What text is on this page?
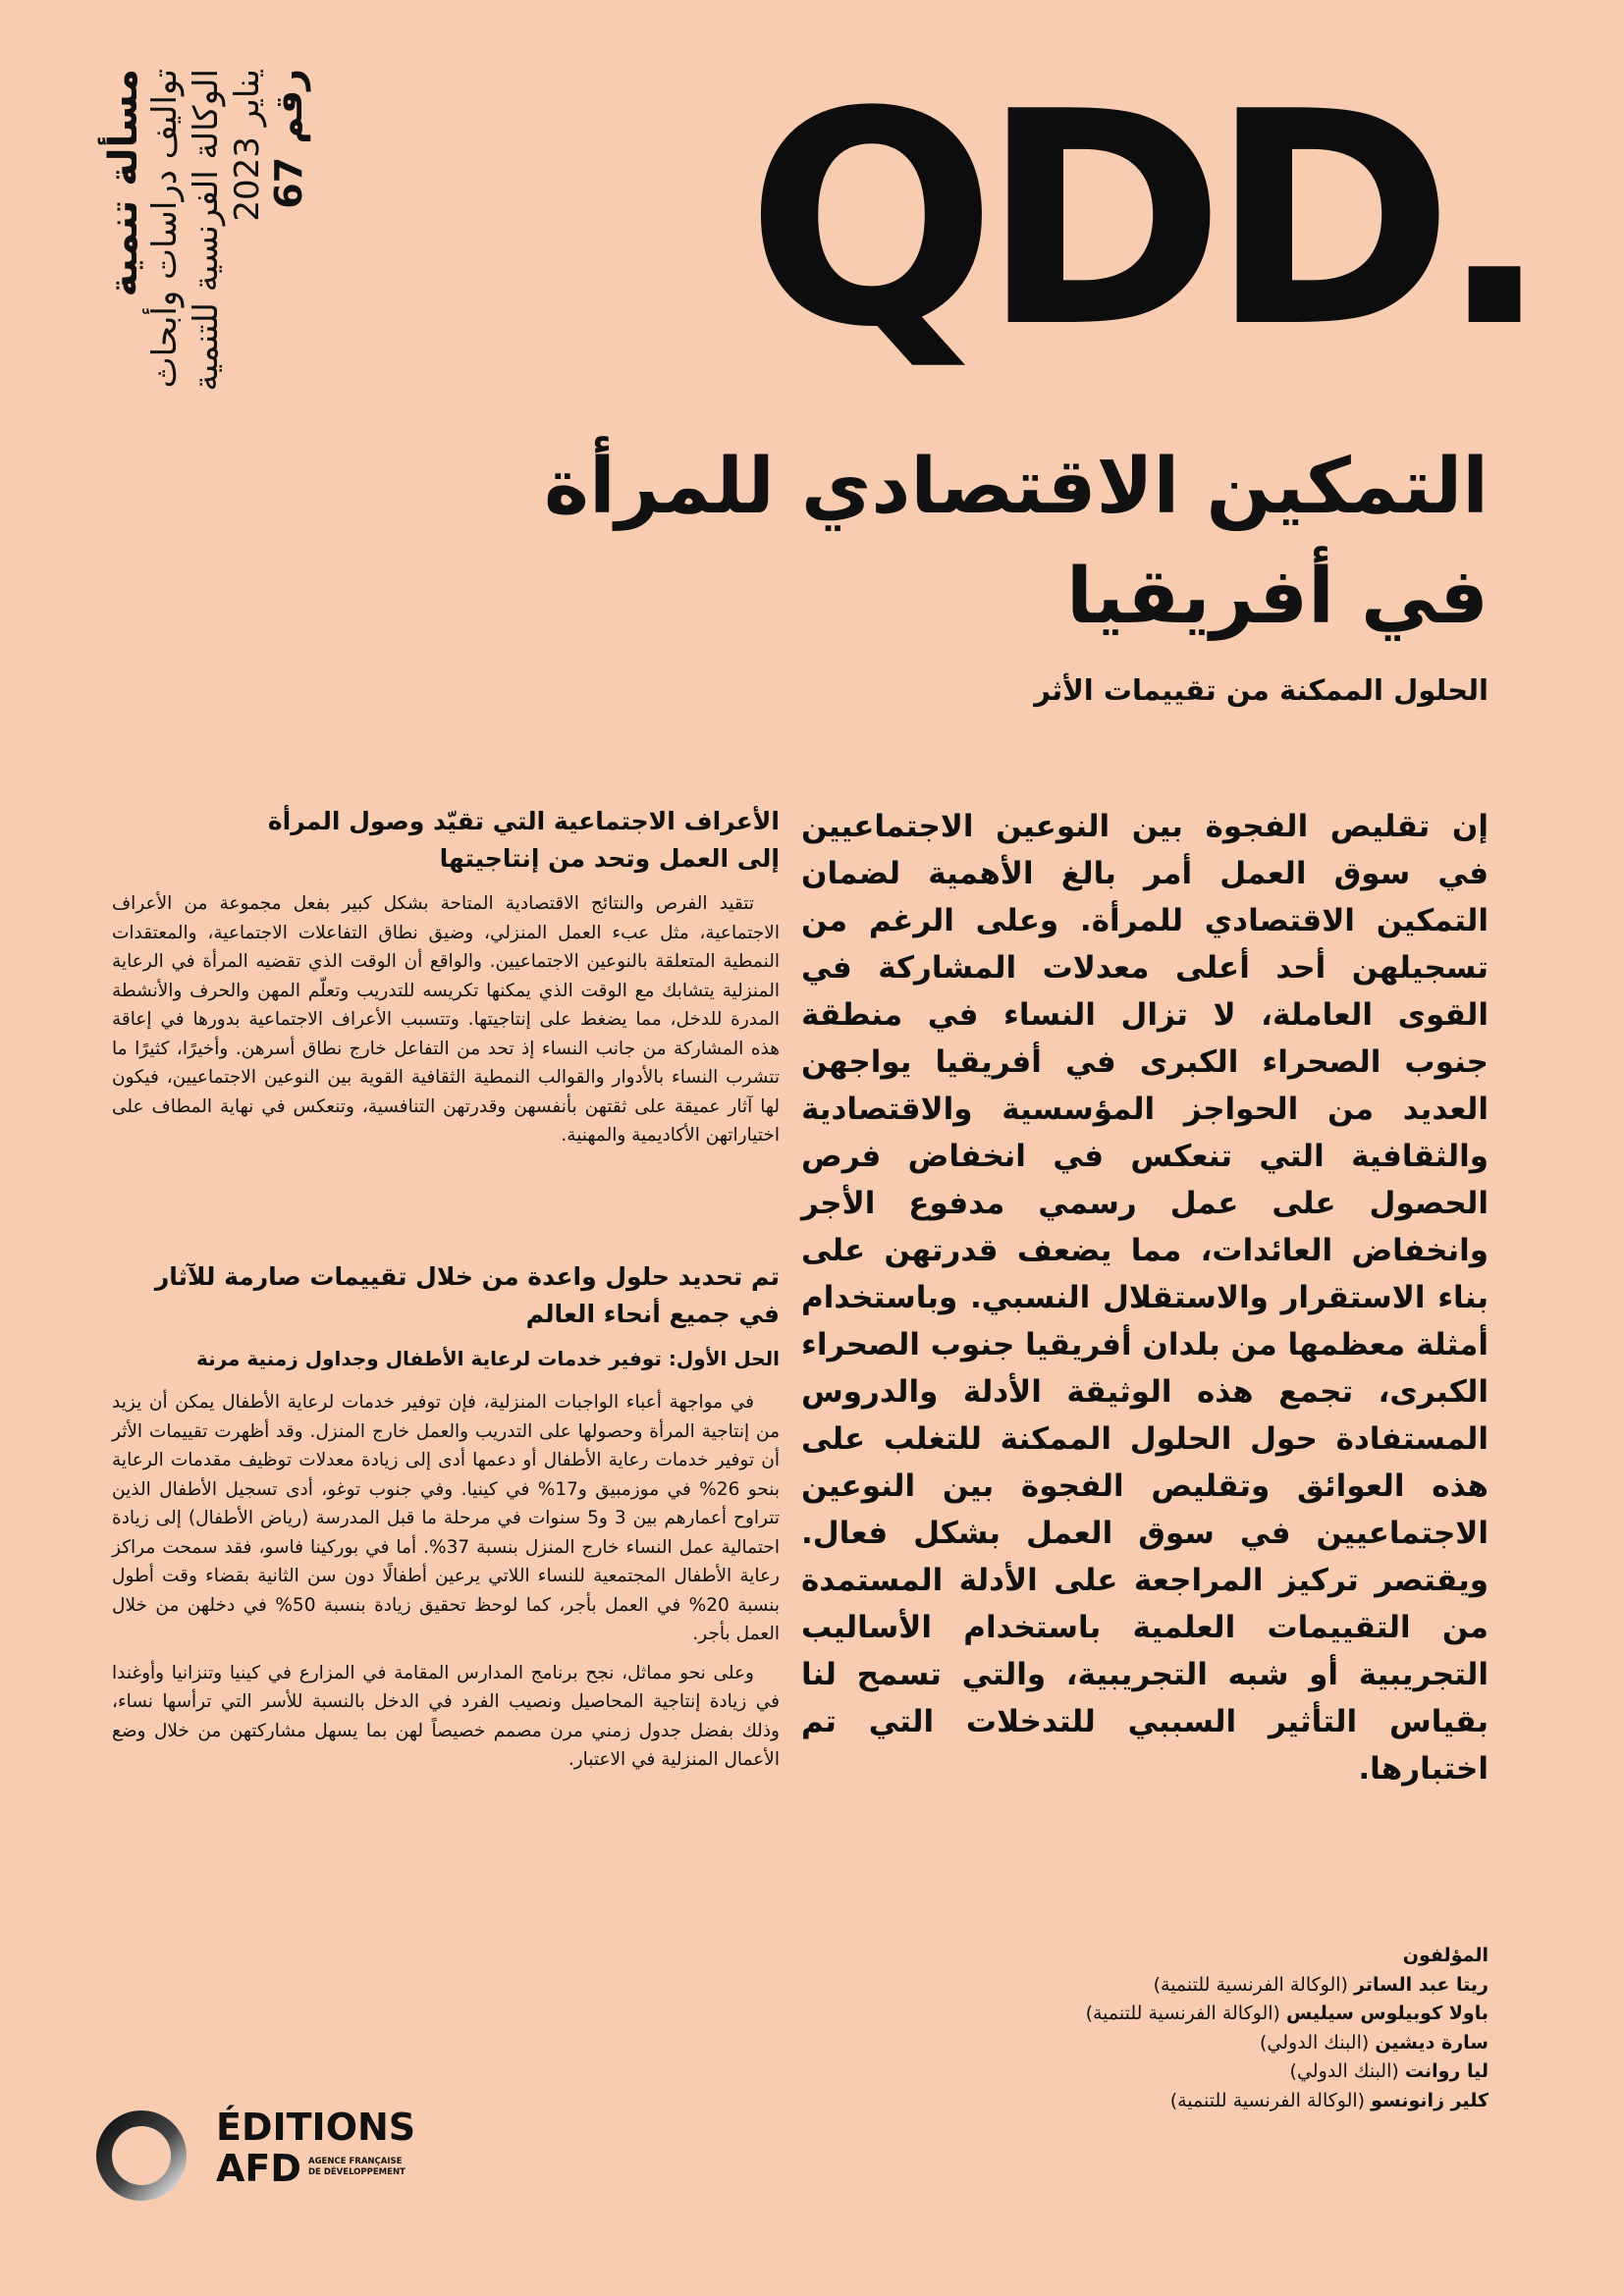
مسألة تنمية تواليف دراسات وأبحاث الوكالة الفرنسية للتنمية يناير 2023
رقم 67 QDD.
التمكين الاقتصادي للمرأة
في أفريقيا
الحلول الممكنة من تقييمات الأثر
إن تقليص الفجوة بين النوعين الاجتماعيين في سوق العمل أمر بالغ الأهمية لضمان التمكين الاقتصادي للمرأة. وعلى الرغم من تسجيلهن أحد أعلى معدلات المشاركة في القوى العاملة، لا تزال النساء في منطقة جنوب الصحراء الكبرى في أفريقيا يواجهن العديد من الحواجز المؤسسية والاقتصادية والثقافية التي تنعكس في انخفاض فرص الحصول على عمل رسمي مدفوع الأجر وانخفاض العائدات، مما يضعف قدرتهن على بناء الاستقرار والاستقلال النسبي. وباستخدام أمثلة معظمها من بلدان أفريقيا جنوب الصحراء الكبرى، تجمع هذه الوثيقة الأدلة والدروس المستفادة حول الحلول الممكنة للتغلب على هذه العوائق وتقليص الفجوة بين النوعين الاجتماعيين في سوق العمل بشكل فعال. ويقتصر تركيز المراجعة على الأدلة المستمدة من التقييمات العلمية باستخدام الأساليب التجريبية أو شبه التجريبية، والتي تسمح لنا بقياس التأثير السببي للتدخلات التي تم اختبارها.
الأعراف الاجتماعية التي تقيّد وصول المرأة
إلى العمل وتحد من إنتاجيتها

تتقيد الفرص والنتائج الاقتصادية المتاحة بشكل كبير بفعل مجموعة من الأعراف الاجتماعية، مثل عبء العمل المنزلي، وضيق نطاق التفاعلات الاجتماعية، والمعتقدات النمطية المتعلقة بالنوعين الاجتماعيين. والواقع أن الوقت الذي تقضيه المرأة في الرعاية المنزلية يتشابك مع الوقت الذي يمكنها تكريسه للتدريب وتعلّم المهن والحرف والأنشطة المدرة للدخل، مما يضغط على إنتاجيتها. وتتسبب الأعراف الاجتماعية بدورها في إعاقة هذه المشاركة من جانب النساء إذ تحد من التفاعل خارج نطاق أسرهن. وأخيرًا، كثيرًا ما تتشرب النساء بالأدوار والقوالب النمطية الثقافية القوية بين النوعين الاجتماعيين، فيكون لها آثار عميقة على ثقتهن بأنفسهن وقدرتهن التنافسية، وتنعكس في نهاية المطاف على اختياراتهن الأكاديمية والمهنية.

تم تحديد حلول واعدة من خلال تقييمات صارمة للآثار
في جميع أنحاء العالم
الحل الأول: توفير خدمات لرعاية الأطفال وجداول زمنية مرنة

في مواجهة أعباء الواجبات المنزلية، فإن توفير خدمات لرعاية الأطفال يمكن أن يزيد من إنتاجية المرأة وحصولها على التدريب والعمل خارج المنزل. وقد أظهرت تقييمات الأثر أن توفير خدمات رعاية الأطفال أو دعمها أدى إلى زيادة معدلات توظيف مقدمات الرعاية بنحو 26% في موزمبيق و17% في كينيا. وفي جنوب توغو، أدى تسجيل الأطفال الذين تتراوح أعمارهم بين 3 و5 سنوات في مرحلة ما قبل المدرسة (رياض الأطفال) إلى زيادة احتمالية عمل النساء خارج المنزل بنسبة 37%. أما في بوركينا فاسو، فقد سمحت مراكز رعاية الأطفال المجتمعية للنساء اللاتي يرعين أطفالًا دون سن الثانية بقضاء وقت أطول بنسبة 20% في العمل بأجر، كما لوحظ تحقيق زيادة بنسبة 50% في دخلهن من خلال العمل بأجر.

وعلى نحو مماثل، نجح برنامج المدارس المقامة في المزارع في كينيا وتنزانيا وأوغندا في زيادة إنتاجية المحاصيل ونصيب الفرد في الدخل بالنسبة للأسر التي ترأسها نساء، وذلك بفضل جدول زمني مرن مصمم خصيصاً لهن بما يسهل مشاركتهن من خلال وضع الأعمال المنزلية في الاعتبار.

المؤلفون
ريتا عبد الساتر (الوكالة الفرنسية للتنمية)
باولا كوبيلوس سيليس (الوكالة الفرنسية للتنمية)
سارة ديشين (البنك الدولي)
ليا روانت (البنك الدولي)
كلير زانونسو (الوكالة الفرنسية للتنمية)
ÉDITIONS
AFD AGENCE FRANÇAISE
DE DÉVELOPPEMENT
